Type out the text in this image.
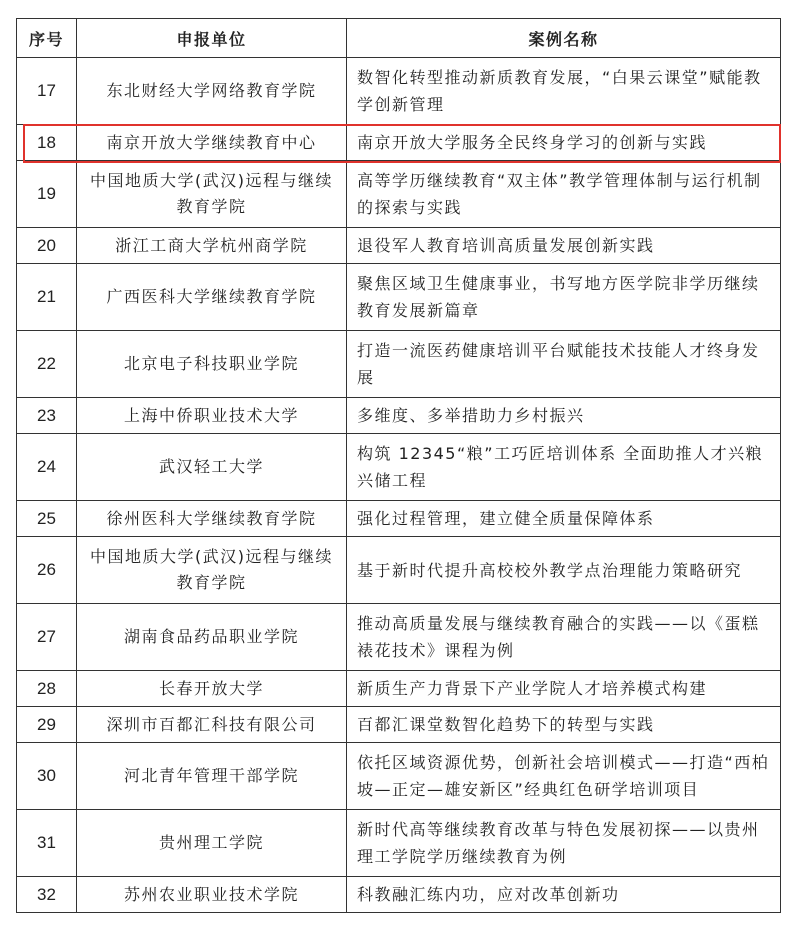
序号	申报单位	案例名称
17	东北财经大学网络教育学院	数智化转型推动新质教育发展，“白果云课堂”赋能教学创新管理
18	南京开放大学继续教育中心	南京开放大学服务全民终身学习的创新与实践
19	中国地质大学(武汉)远程与继续教育学院	高等学历继续教育“双主体”教学管理体制与运行机制的探索与实践
20	浙江工商大学杭州商学院	退役军人教育培训高质量发展创新实践
21	广西医科大学继续教育学院	聚焦区域卫生健康事业，书写地方医学院非学历继续教育发展新篇章
22	北京电子科技职业学院	打造一流医药健康培训平台赋能技术技能人才终身发展
23	上海中侨职业技术大学	多维度、多举措助力乡村振兴
24	武汉轻工大学	构筑 12345“粮”工巧匠培训体系 全面助推人才兴粮兴储工程
25	徐州医科大学继续教育学院	强化过程管理，建立健全质量保障体系
26	中国地质大学(武汉)远程与继续教育学院	基于新时代提升高校校外教学点治理能力策略研究
27	湖南食品药品职业学院	推动高质量发展与继续教育融合的实践——以《蛋糕裱花技术》课程为例
28	长春开放大学	新质生产力背景下产业学院人才培养模式构建
29	深圳市百都汇科技有限公司	百都汇课堂数智化趋势下的转型与实践
30	河北青年管理干部学院	依托区域资源优势，创新社会培训模式——打造“西柏坡—正定—雄安新区”经典红色研学培训项目
31	贵州理工学院	新时代高等继续教育改革与特色发展初探——以贵州理工学院学历继续教育为例
32	苏州农业职业技术学院	科教融汇练内功，应对改革创新功
